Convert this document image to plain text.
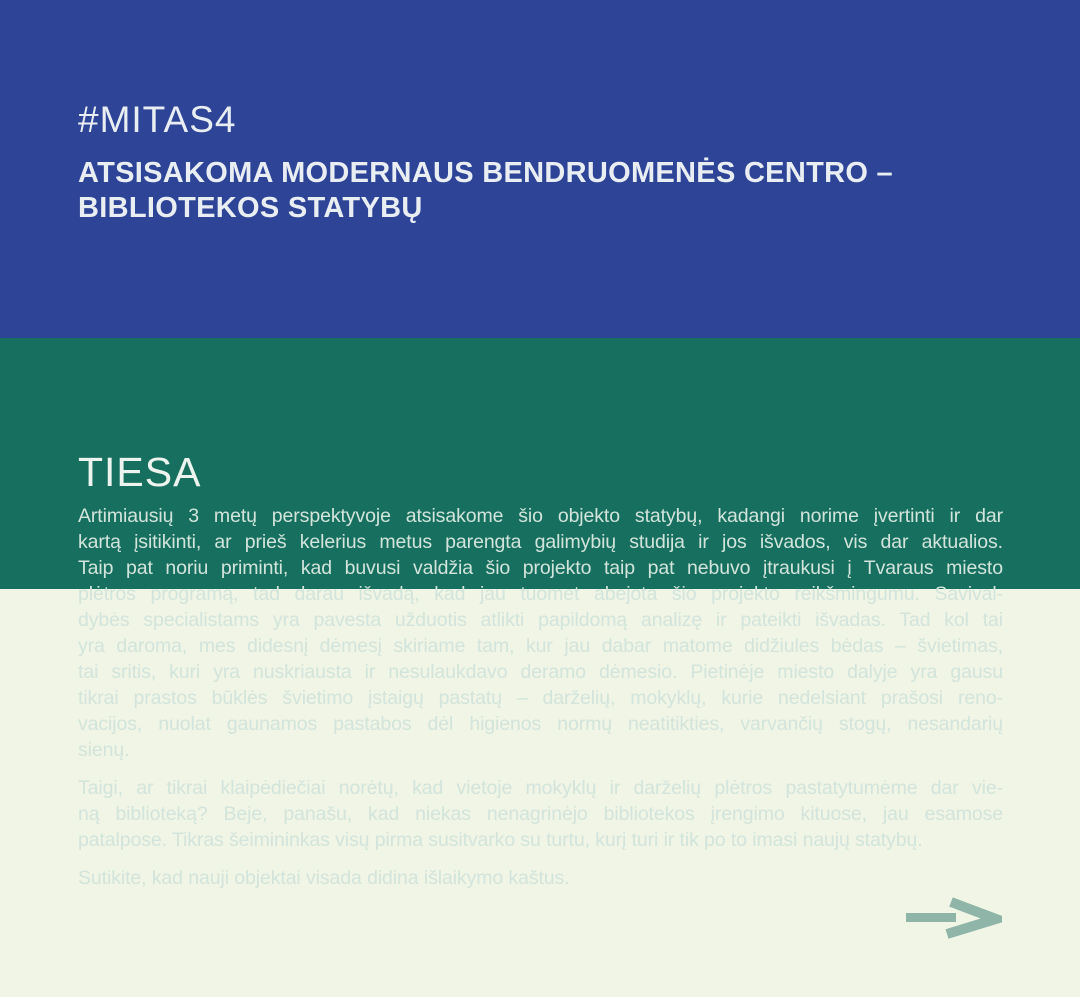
#MITAS4
ATSISAKOMA MODERNAUS BENDRUOMENĖS CENTRO –
BIBLIOTEKOS STATYBŲ
TIESA
Artimiausių 3 metų perspektyvoje atsisakome šio objekto statybų, kadangi norime įvertinti ir dar
kartą įsitikinti, ar prieš kelerius metus parengta galimybių studija ir jos išvados, vis dar aktualios.
Taip pat noriu priminti, kad buvusi valdžia šio projekto taip pat nebuvo įtraukusi į Tvaraus miesto
plėtros programą, tad darau išvadą, kad jau tuomet abejota šio projekto reikšmingumu. Savival-
dybės specialistams yra pavesta užduotis atlikti papildomą analizę ir pateikti išvadas. Tad kol tai
yra daroma, mes didesnį dėmesį skiriame tam, kur jau dabar matome didžiules bėdas – švietimas,
tai sritis, kuri yra nuskriausta ir nesulaukdavo deramo dėmesio. Pietinėje miesto dalyje yra gausu
tikrai prastos būklės švietimo įstaigų pastatų – darželių, mokyklų, kurie nedelsiant prašosi reno-
vacijos, nuolat gaunamos pastabos dėl higienos normų neatitikties, varvančių stogų, nesandarių
sienų.
Taigi, ar tikrai klaipėdiečiai norėtų, kad vietoje mokyklų ir darželių plėtros pastatytumėme dar vie-
ną biblioteką? Beje, panašu, kad niekas nenagrinėjo bibliotekos įrengimo kituose, jau esamose
patalpose. Tikras šeimininkas visų pirma susitvarko su turtu, kurį turi ir tik po to imasi naujų statybų.
Sutikite, kad nauji objektai visada didina išlaikymo kaštus.
